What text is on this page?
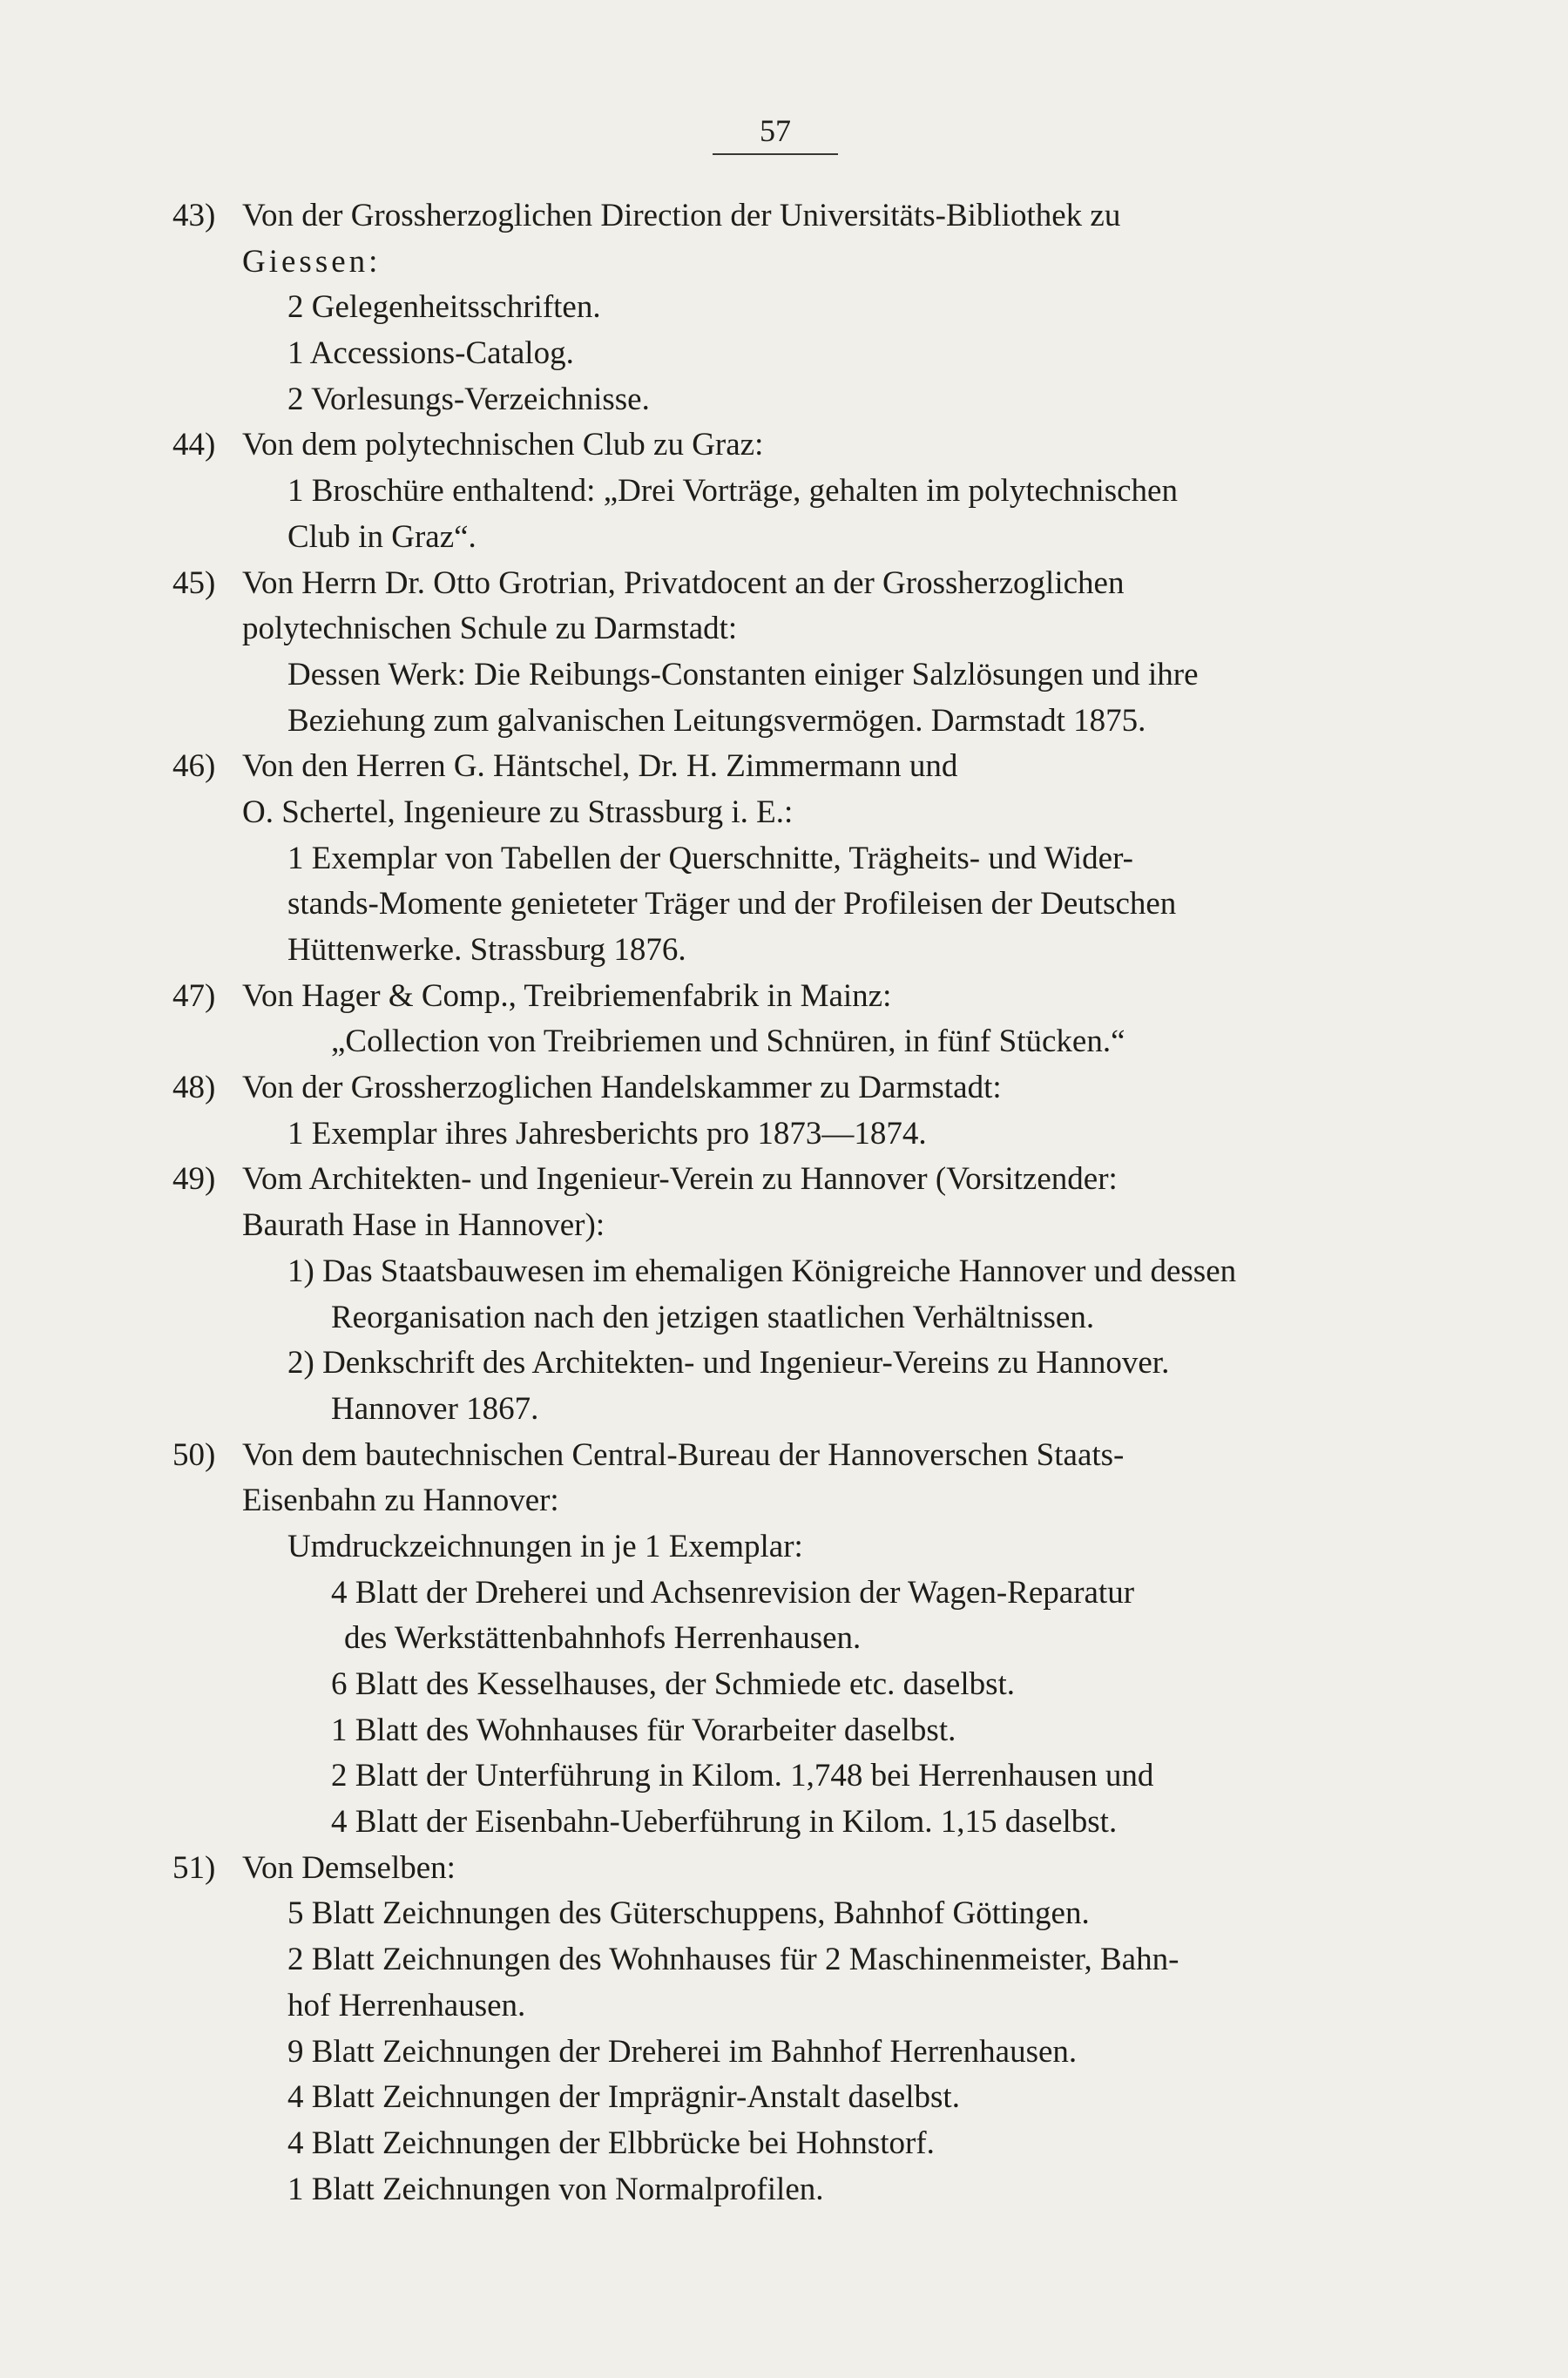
57
43) Von der Grossherzoglichen Direction der Universitäts-Bibliothek zu
Giessen:
2 Gelegenheitsschriften.
1 Accessions-Catalog.
2 Vorlesungs-Verzeichnisse.
44) Von dem polytechnischen Club zu Graz:
1 Broschüre enthaltend: „Drei Vorträge, gehalten im polytechnischen
Club in Graz“.
45) Von Herrn Dr. Otto Grotrian, Privatdocent an der Grossherzoglichen
polytechnischen Schule zu Darmstadt:
Dessen Werk: Die Reibungs-Constanten einiger Salzlösungen und ihre
Beziehung zum galvanischen Leitungsvermögen. Darmstadt 1875.
46) Von den Herren G. Häntschel, Dr. H. Zimmermann und
O. Schertel, Ingenieure zu Strassburg i. E.:
1 Exemplar von Tabellen der Querschnitte, Trägheits- und Wider-
stands-Momente genieteter Träger und der Profileisen der Deutschen
Hüttenwerke. Strassburg 1876.
47) Von Hager & Comp., Treibriemenfabrik in Mainz:
„Collection von Treibriemen und Schnüren, in fünf Stücken.“
48) Von der Grossherzoglichen Handelskammer zu Darmstadt:
1 Exemplar ihres Jahresberichts pro 1873—1874.
49) Vom Architekten- und Ingenieur-Verein zu Hannover (Vorsitzender:
Baurath Hase in Hannover):
1) Das Staatsbauwesen im ehemaligen Königreiche Hannover und dessen
Reorganisation nach den jetzigen staatlichen Verhältnissen.
2) Denkschrift des Architekten- und Ingenieur-Vereins zu Hannover.
Hannover 1867.
50) Von dem bautechnischen Central-Bureau der Hannoverschen Staats-
Eisenbahn zu Hannover:
Umdruckzeichnungen in je 1 Exemplar:
4 Blatt der Dreherei und Achsenrevision der Wagen-Reparatur
des Werkstättenbahnhofs Herrenhausen.
6 Blatt des Kesselhauses, der Schmiede etc. daselbst.
1 Blatt des Wohnhauses für Vorarbeiter daselbst.
2 Blatt der Unterführung in Kilom. 1,748 bei Herrenhausen und
4 Blatt der Eisenbahn-Ueberführung in Kilom. 1,15 daselbst.
51) Von Demselben:
5 Blatt Zeichnungen des Güterschuppens, Bahnhof Göttingen.
2 Blatt Zeichnungen des Wohnhauses für 2 Maschinenmeister, Bahn-
hof Herrenhausen.
9 Blatt Zeichnungen der Dreherei im Bahnhof Herrenhausen.
4 Blatt Zeichnungen der Imprägnir-Anstalt daselbst.
4 Blatt Zeichnungen der Elbbrücke bei Hohnstorf.
1 Blatt Zeichnungen von Normalprofilen.
